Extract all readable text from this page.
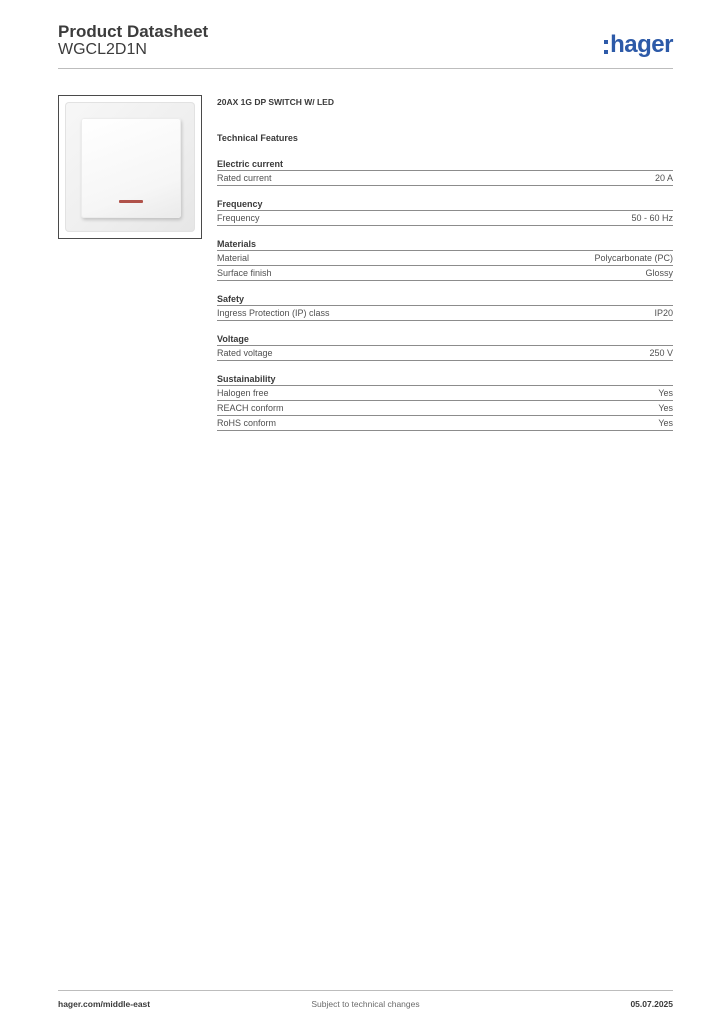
Product Datasheet
WGCL2D1N	hager
20AX 1G DP SWITCH W/ LED
Technical Features
Electric current
Rated current	20 A
Frequency
Frequency	50 - 60 Hz
Materials
Material	Polycarbonate (PC)
Surface finish	Glossy
Safety
Ingress Protection (IP) class	IP20
Voltage
Rated voltage	250 V
Sustainability
Halogen free	Yes
REACH conform	Yes
RoHS conform	Yes
hager.com/middle-east	Subject to technical changes	05.07.2025
